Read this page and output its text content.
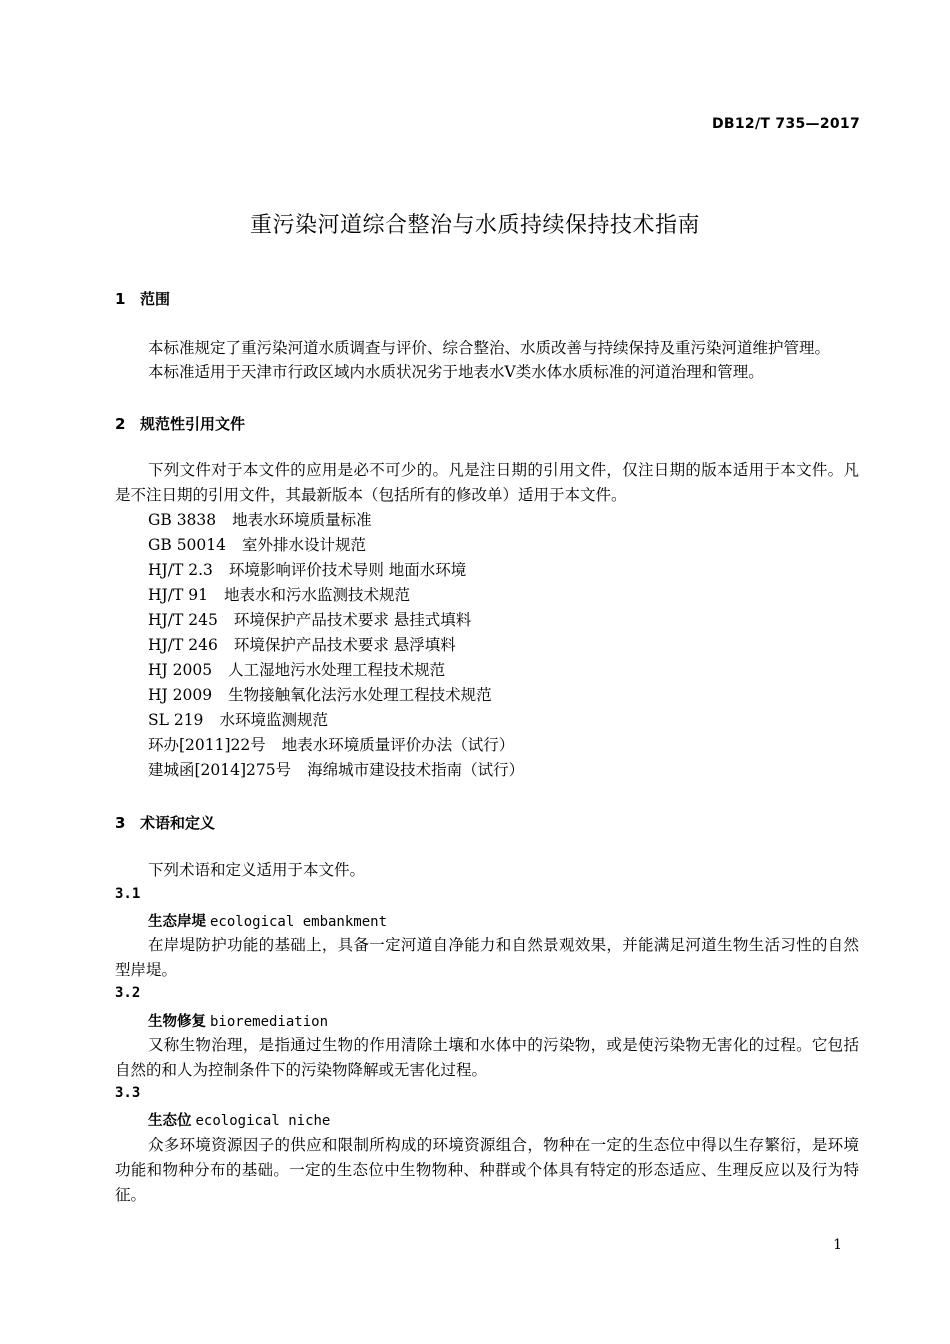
DB12/T 735—2017
重污染河道综合整治与水质持续保持技术指南
1 范围

本标准规定了重污染河道水质调查与评价、综合整治、水质改善与持续保持及重污染河道维护管理。

本标准适用于天津市行政区域内水质状况劣于地表水V类水体水质标准的河道治理和管理。

2 规范性引用文件

下列文件对于本文件的应用是必不可少的。凡是注日期的引用文件，仅注日期的版本适用于本文件。凡是不注日期的引用文件，其最新版本（包括所有的修改单）适用于本文件。

GB 3838 地表水环境质量标准
GB 50014 室外排水设计规范
HJ/T 2.3 环境影响评价技术导则 地面水环境
HJ/T 91 地表水和污水监测技术规范
HJ/T 245 环境保护产品技术要求 悬挂式填料
HJ/T 246 环境保护产品技术要求 悬浮填料
HJ 2005 人工湿地污水处理工程技术规范
HJ 2009 生物接触氧化法污水处理工程技术规范
SL 219 水环境监测规范
环办[2011]22号 地表水环境质量评价办法（试行）
建城函[2014]275号 海绵城市建设技术指南（试行）
3 术语和定义

下列术语和定义适用于本文件。

3.1
生态岸堤 ecological embankment

在岸堤防护功能的基础上，具备一定河道自净能力和自然景观效果，并能满足河道生物生活习性的自然型岸堤。

3.2
生物修复 bioremediation

又称生物治理，是指通过生物的作用清除土壤和水体中的污染物，或是使污染物无害化的过程。它包括自然的和人为控制条件下的污染物降解或无害化过程。

3.3
生态位 ecological niche

众多环境资源因子的供应和限制所构成的环境资源组合，物种在一定的生态位中得以生存繁衍，是环境功能和物种分布的基础。一定的生态位中生物物种、种群或个体具有特定的形态适应、生理反应以及行为特征。

1
